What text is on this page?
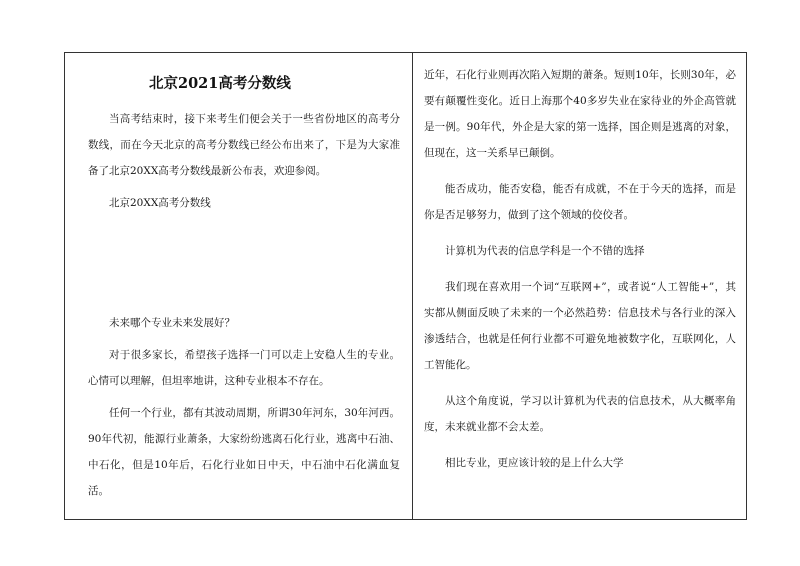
北京2021高考分数线

当高考结束时，接下来考生们便会关于一些省份地区的高考分数线，而在今天北京的高考分数线已经公布出来了，下是为大家准备了北京20XX高考分数线最新公布表，欢迎参阅。

北京20XX高考分数线

未来哪个专业未来发展好？

对于很多家长，希望孩子选择一门可以走上安稳人生的专业。心情可以理解，但坦率地讲，这种专业根本不存在。

任何一个行业，都有其波动周期，所谓30年河东，30年河西。90年代初，能源行业萧条，大家纷纷逃离石化行业，逃离中石油、中石化，但是10年后，石化行业如日中天，中石油中石化满血复活。

近年，石化行业则再次陷入短期的萧条。短则10年，长则30年，必要有颠覆性变化。近日上海那个40多岁失业在家待业的外企高管就是一例。90年代，外企是大家的第一选择，国企则是逃离的对象，但现在，这一关系早已颠倒。

能否成功，能否安稳，能否有成就，不在于今天的选择，而是你是否足够努力，做到了这个领域的佼佼者。

计算机为代表的信息学科是一个不错的选择

我们现在喜欢用一个词“互联网+”，或者说“人工智能+”，其实都从侧面反映了未来的一个必然趋势：信息技术与各行业的深入渗透结合，也就是任何行业都不可避免地被数字化，互联网化，人工智能化。

从这个角度说，学习以计算机为代表的信息技术，从大概率角度，未来就业都不会太差。

相比专业，更应该计较的是上什么大学
